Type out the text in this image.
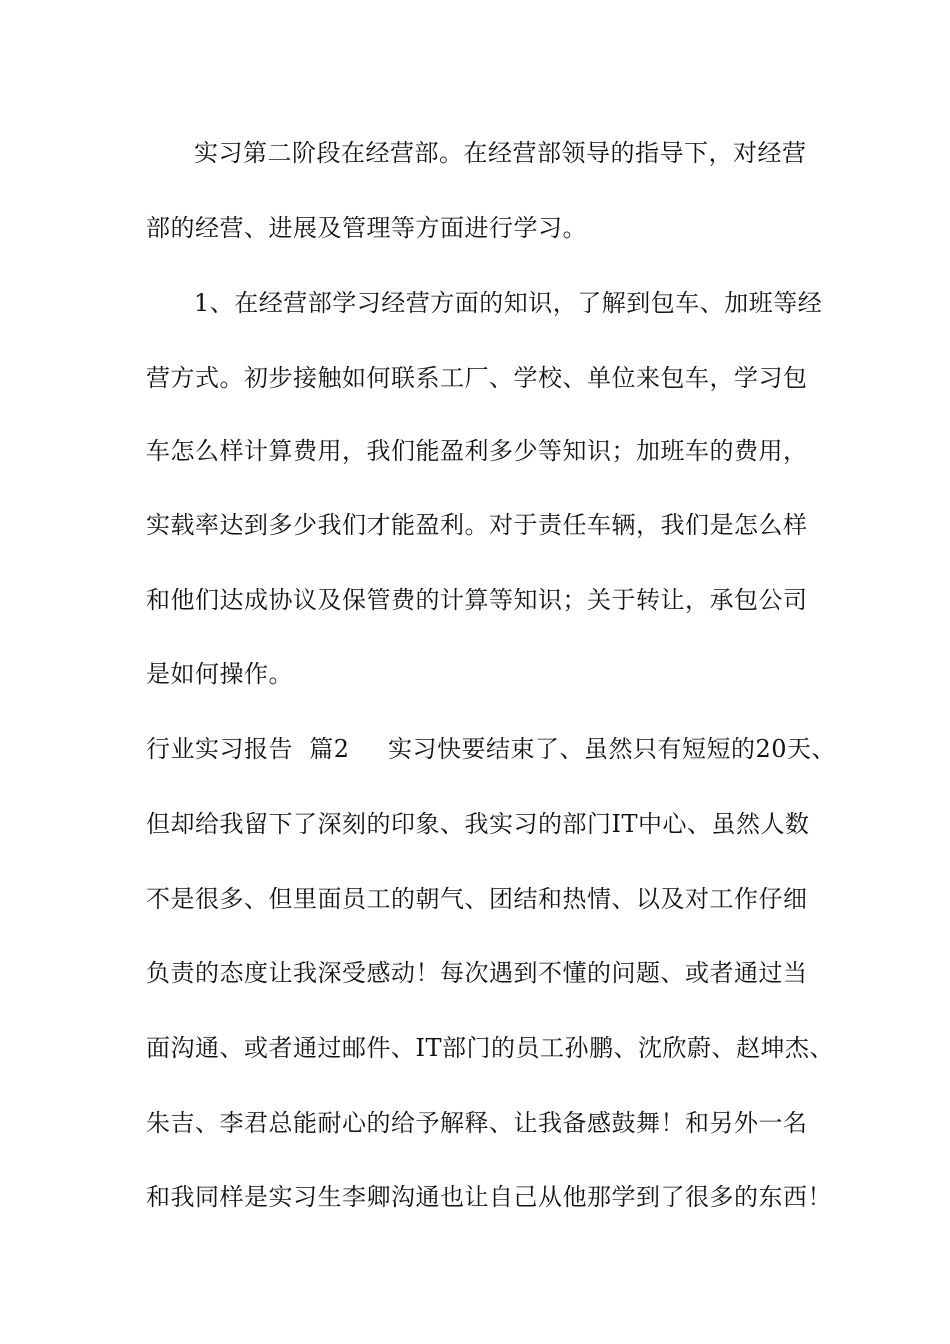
实习第二阶段在经营部。在经营部领导的指导下，对经营
部的经营、进展及管理等方面进行学习。
1、在经营部学习经营方面的知识，了解到包车、加班等经
营方式。初步接触如何联系工厂、学校、单位来包车，学习包
车怎么样计算费用，我们能盈利多少等知识；加班车的费用，
实载率达到多少我们才能盈利。对于责任车辆，我们是怎么样
和他们达成协议及保管费的计算等知识；关于转让，承包公司
是如何操作。
行业实习报告  篇2 实习快要结束了、虽然只有短短的20天、
但却给我留下了深刻的印象、我实习的部门IT中心、虽然人数
不是很多、但里面员工的朝气、团结和热情、以及对工作仔细
负责的态度让我深受感动！每次遇到不懂的问题、或者通过当
面沟通、或者通过邮件、IT部门的员工孙鹏、沈欣蔚、赵坤杰、
朱吉、李君总能耐心的给予解释、让我备感鼓舞！和另外一名
和我同样是实习生李卿沟通也让自己从他那学到了很多的东西！
